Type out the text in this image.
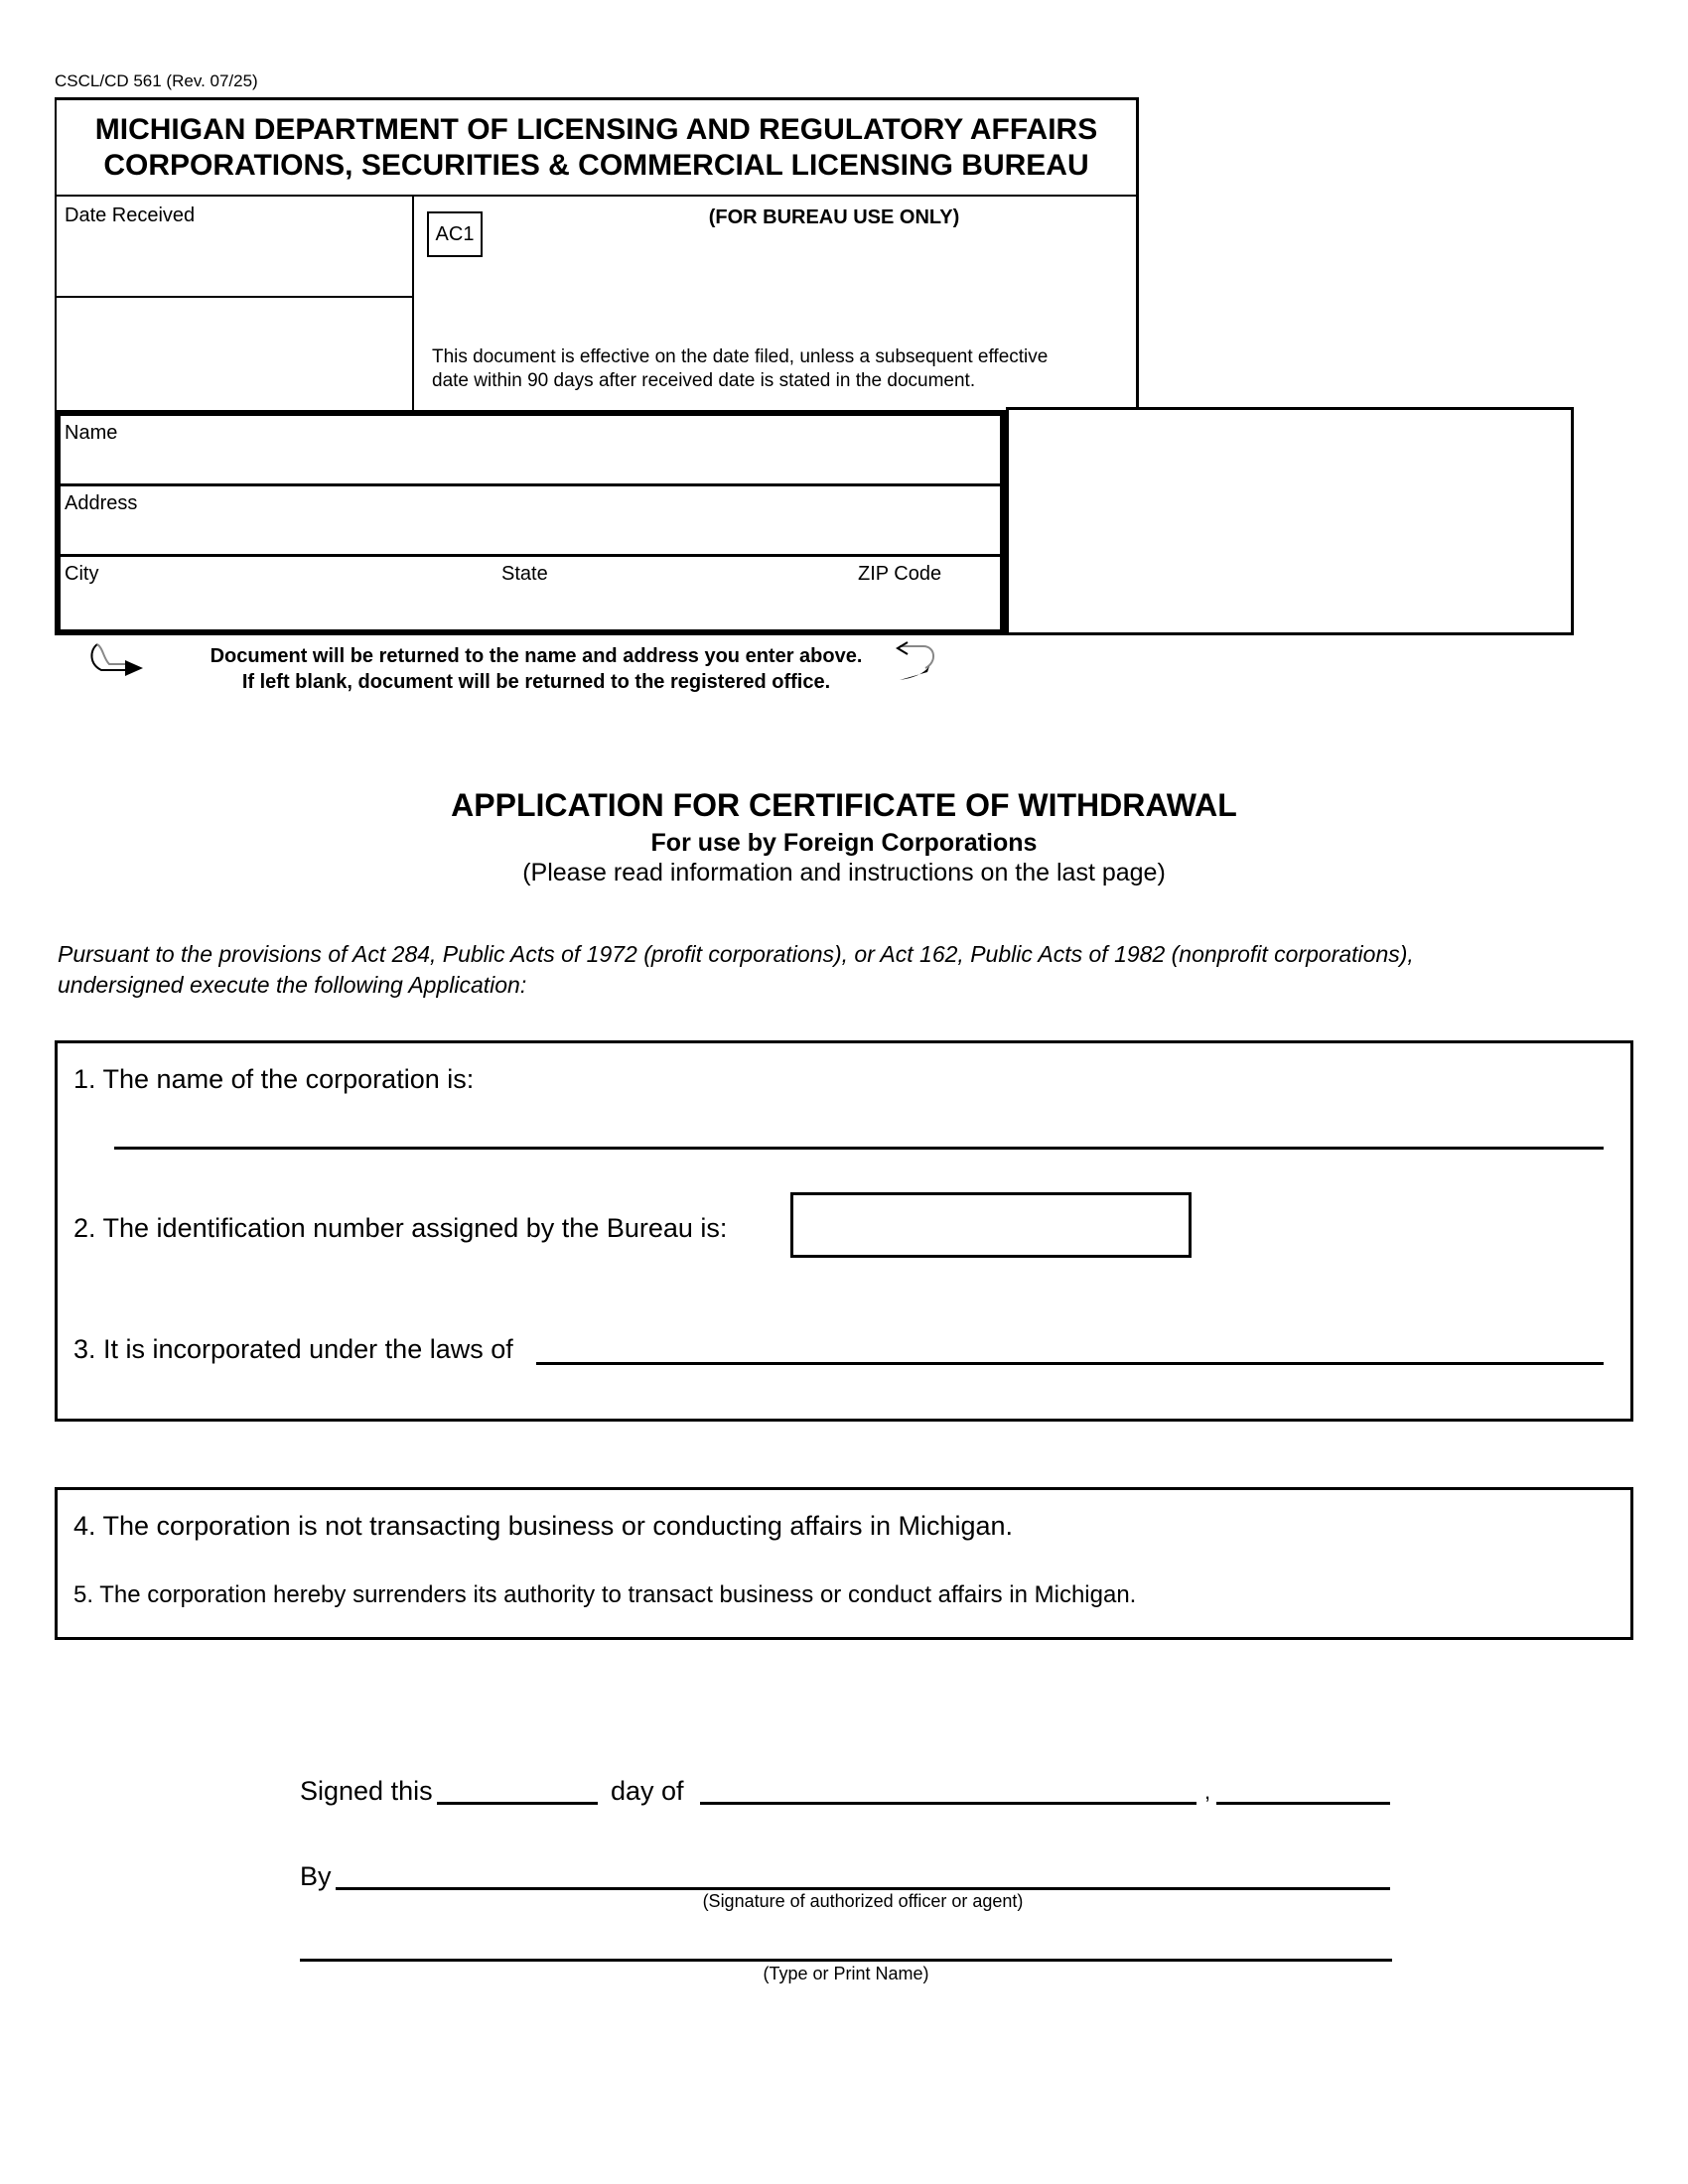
CSCL/CD 561 (Rev. 07/25)
MICHIGAN DEPARTMENT OF LICENSING AND REGULATORY AFFAIRS
CORPORATIONS, SECURITIES & COMMERCIAL LICENSING BUREAU
Date Received
AC1
(FOR BUREAU USE ONLY)
This document is effective on the date filed, unless a subsequent effective
date within 90 days after received date is stated in the document.
Name
Address
City	State	ZIP Code
Document will be returned to the name and address you enter above.
If left blank, document will be returned to the registered office.
APPLICATION FOR CERTIFICATE OF WITHDRAWAL
For use by Foreign Corporations
(Please read information and instructions on the last page)
Pursuant to the provisions of Act 284, Public Acts of 1972 (profit corporations), or Act 162, Public Acts of 1982 (nonprofit corporations),
undersigned execute the following Application:
1. The name of the corporation is:
2. The identification number assigned by the Bureau is:
3. It is incorporated under the laws of
4. The corporation is not transacting business or conducting affairs in Michigan.
5. The corporation hereby surrenders its authority to transact business or conduct affairs in Michigan.
Signed this	day of	,
By
(Signature of authorized officer or agent)
(Type or Print Name)
